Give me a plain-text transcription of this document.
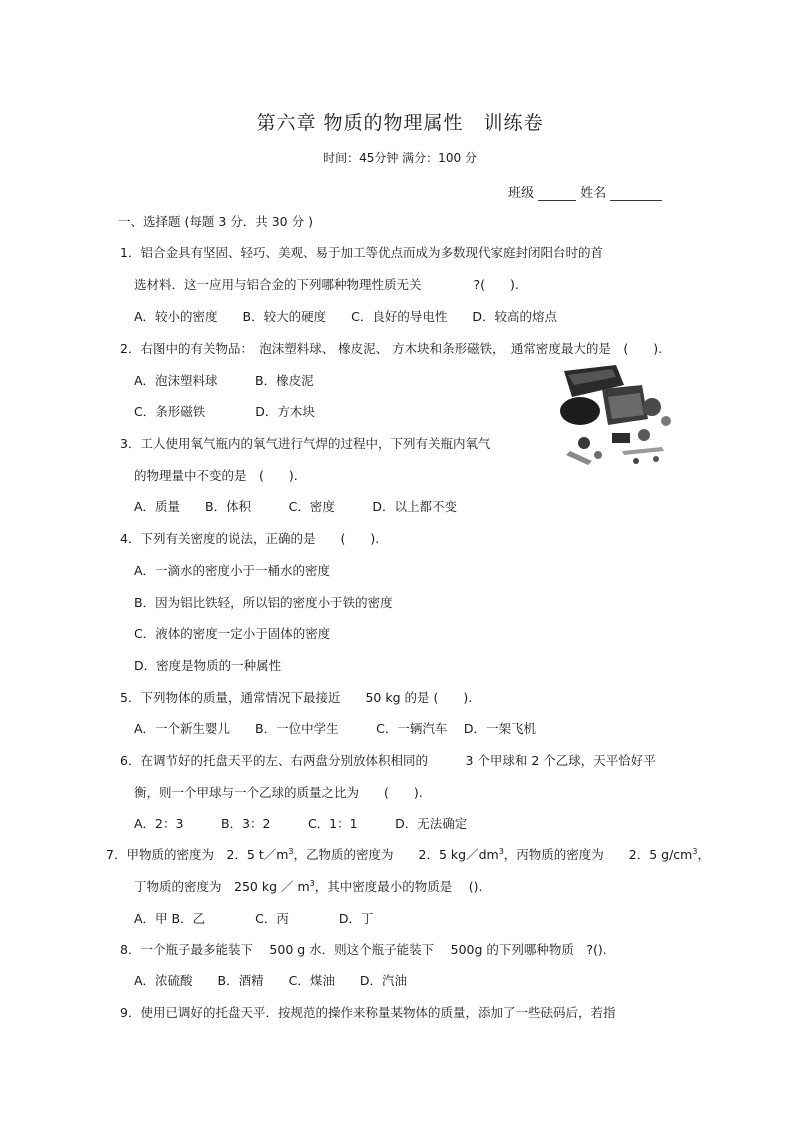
第六章 物质的物理属性　训练卷
时间：45分钟 满分：100 分
班级	姓名
一、选择题 (每题 3 分．共 30 分 )
1．铝合金具有坚固、轻巧、美观、易于加工等优点而成为多数现代家庭封闭阳台时的首
选材料．这一应用与铝合金的下列哪种物理性质无关	?(　　).
A．较小的密度　　B．较大的硬度　　C．良好的导电性　　D．较高的熔点
2．右图中的有关物品：　泡沫塑料球、 橡皮泥、 方木块和条形磁铁，　通常密度最大的是　(　　).
A．泡沫塑料球　　　B．橡皮泥
C．条形磁铁　　　　D．方木块
3．工人使用氧气瓶内的氧气进行气焊的过程中，下列有关瓶内氧气
的物理量中不变的是　(　　).
A．质量　　B．体积　　　C．密度　　　D．以上都不变
4．下列有关密度的说法，正确的是　　(　　).
A．一滴水的密度小于一桶水的密度
B．因为铝比铁轻，所以铝的密度小于铁的密度
C．液体的密度一定小于固体的密度
D．密度是物质的一种属性
5．下列物体的质量，通常情况下最接近　　50 kg 的是 (　　).
A．一个新生婴儿　　B．一位中学生　　　C．一辆汽车　 D．一架飞机
6．在调节好的托盘天平的左、右两盘分别放体积相同的　　　3 个甲球和 2 个乙球，天平恰好平
衡，则一个甲球与一个乙球的质量之比为　　(　　).
A．2：3　　　B．3：2　　　C．1：1　　　D．无法确定
7．甲物质的密度为　2．5 $t/m^3$，乙物质的密度为　　2．5 $kg/dm^3$，丙物质的密度为　　2．5 $g/cm^3$，
丁物质的密度为　250 kg ／ $m^3$，其中密度最小的物质是　 ().
A．甲 B．乙　　　　C．丙　　　　D．丁
8．一个瓶子最多能装下　 500 g 水．则这个瓶子能装下　 500g 的下列哪种物质　?().
A．浓硫酸　　B．酒精　　C．煤油　　D．汽油
9．使用已调好的托盘天平．按规范的操作来称量某物体的质量，添加了一些砝码后，若指
